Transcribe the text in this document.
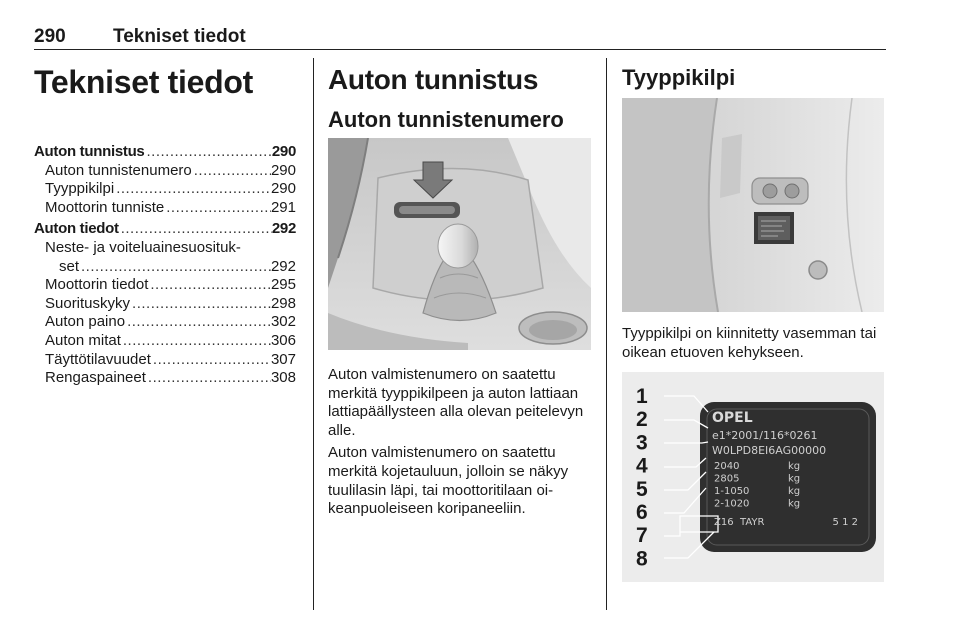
290 Tekniset tiedot
Tekniset tiedot
Auton tunnistus .....	290
Auton tunnistenumero .....	290
Tyyppikilpi .....	290
Moottorin tunniste .....	291
Auton tiedot .....	292
Neste- ja voiteluainesuosituk-
set .....	292
Moottorin tiedot .....	295
Suorituskyky .....	298
Auton paino .....	302
Auton mitat .....	306
Täyttötilavuudet .....	307
Rengaspaineet .....	308
Auton tunnistus
Auton tunnistenumero

Auton valmistenumero on saatettu merkitä tyyppikilpeen ja auton lattiaan lattiapäällysteen alla olevan peitelevyn alle.

Auton valmistenumero on saatettu merkitä kojetauluun, jolloin se näkyy tuulilasin läpi, tai moottoritilaan oikeanpuoleiseen koripaneeliin.

Tyyppikilpi

Tyyppikilpi on kiinnitetty vasemman tai oikean etuoven kehykseen.

OPEL
e1*2001/116*0261
W0LPD8EI6AG00000
2040	kg
2805	kg
1-1050	kg
2-1020	kg
Z16 TAYR	5 1 2
1
2
3
4
5
6
7
8
